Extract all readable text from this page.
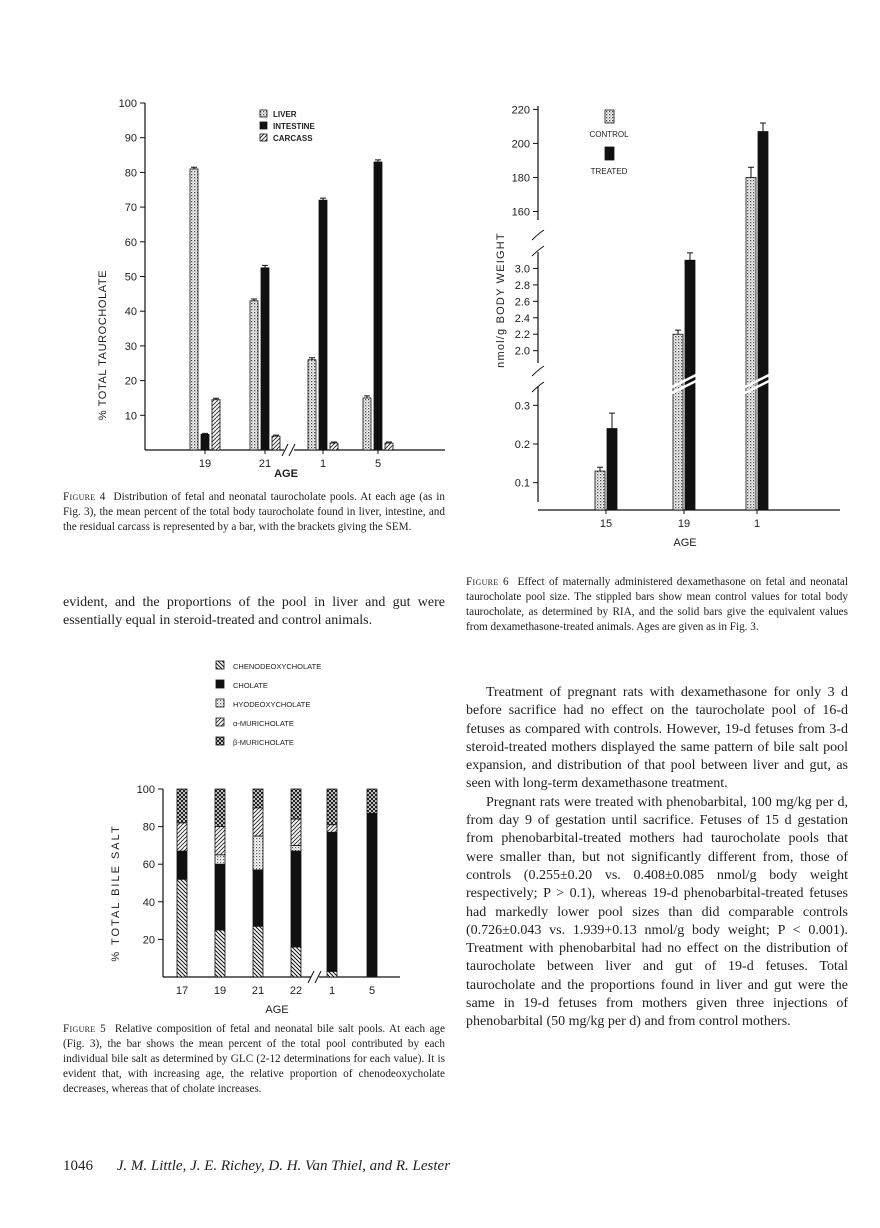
10
20
30
40
50
60
70
80
90
100
19	21	1	5
LIVER
INTESTINE
CARCASS
% TOTAL TAUROCHOLATE
AGE
Figure 4 Distribution of fetal and neonatal taurocholate pools. At each age (as in Fig. 3), the mean percent of the total body taurocholate found in liver, intestine, and the residual carcass is represented by a bar, with the brackets giving the SEM.

evident, and the proportions of the pool in liver and gut were essentially equal in steroid-treated and control animals.

20
40
60
80
100
17 19 21 22 1	5
CHENODEOXYCHOLATE
CHOLATE
HYODEOXYCHOLATE
α-MURICHOLATE
β-MURICHOLATE
% TOTAL BILE SALT
AGE
Figure 5 Relative composition of fetal and neonatal bile salt pools. At each age (Fig. 3), the bar shows the mean percent of the total pool contributed by each individual bile salt as determined by GLC (2-12 determinations for each value). It is evident that, with increasing age, the relative proportion of chenodeoxycholate decreases, whereas that of cholate increases.
0.1
0.2
0.3
2.0
2.2
2.4
2.6
2.8
3.0
160
180
200
220
15	19	1
CONTROL
TREATED
nmol/g BODY WEIGHT
AGE
Figure 6 Effect of maternally administered dexamethasone on fetal and neonatal taurocholate pool size. The stippled bars show mean control values for total body taurocholate, as determined by RIA, and the solid bars give the equivalent values from dexamethasone-treated animals. Ages are given as in Fig. 3.

Treatment of pregnant rats with dexamethasone for only 3 d before sacrifice had no effect on the taurocholate pool of 16-d fetuses as compared with controls. However, 19-d fetuses from 3-d steroid-treated mothers displayed the same pattern of bile salt pool expansion, and distribution of that pool between liver and gut, as seen with long-term dexamethasone treatment.

Pregnant rats were treated with phenobarbital, 100 mg/kg per d, from day 9 of gestation until sacrifice. Fetuses of 15 d gestation from phenobarbital-treated mothers had taurocholate pools that were smaller than, but not significantly different from, those of controls (0.255±0.20 vs. 0.408±0.085 nmol/g body weight respectively; P > 0.1), whereas 19-d phenobarbital-treated fetuses had markedly lower pool sizes than did comparable controls (0.726±0.043 vs. 1.939+0.13 nmol/g body weight; P < 0.001). Treatment with phenobarbital had no effect on the distribution of taurocholate between liver and gut of 19-d fetuses. Total taurocholate and the proportions found in liver and gut were the same in 19-d fetuses from mothers given three injections of phenobarbital (50 mg/kg per d) and from control mothers.

1046 J. M. Little, J. E. Richey, D. H. Van Thiel, and R. Lester
